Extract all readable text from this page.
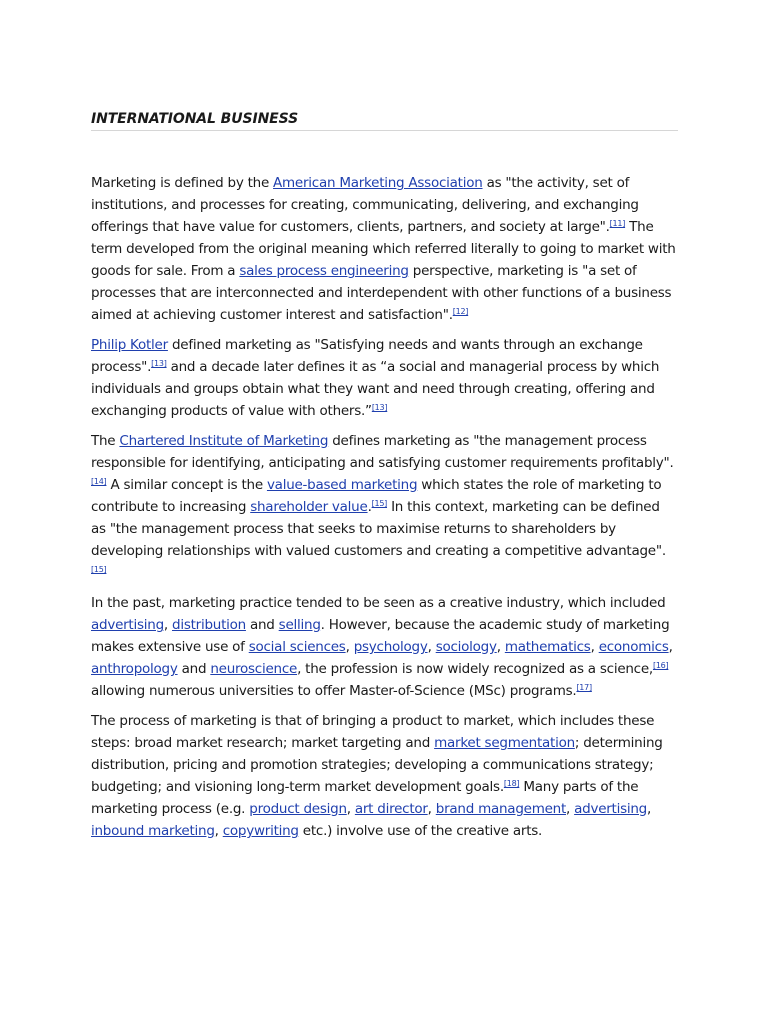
INTERNATIONAL BUSINESS

Marketing is defined by the American Marketing Association as "the activity, set of institutions, and processes for creating, communicating, delivering, and exchanging offerings that have value for customers, clients, partners, and society at large".[11] The term developed from the original meaning which referred literally to going to market with goods for sale. From a sales process engineering perspective, marketing is "a set of processes that are interconnected and interdependent with other functions of a business aimed at achieving customer interest and satisfaction".[12]

Philip Kotler defined marketing as "Satisfying needs and wants through an exchange process".[13] and a decade later defines it as “a social and managerial process by which individuals and groups obtain what they want and need through creating, offering and exchanging products of value with others.”[13]

The Chartered Institute of Marketing defines marketing as "the management process responsible for identifying, anticipating and satisfying customer requirements profitably".[14] A similar concept is the value-based marketing which states the role of marketing to contribute to increasing shareholder value.[15] In this context, marketing can be defined as "the management process that seeks to maximise returns to shareholders by developing relationships with valued customers and creating a competitive advantage".[15]

In the past, marketing practice tended to be seen as a creative industry, which included advertising, distribution and selling. However, because the academic study of marketing makes extensive use of social sciences, psychology, sociology, mathematics, economics, anthropology and neuroscience, the profession is now widely recognized as a science,[16] allowing numerous universities to offer Master-of-Science (MSc) programs.[17]

The process of marketing is that of bringing a product to market, which includes these steps: broad market research; market targeting and market segmentation; determining distribution, pricing and promotion strategies; developing a communications strategy; budgeting; and visioning long-term market development goals.[18] Many parts of the marketing process (e.g. product design, art director, brand management, advertising, inbound marketing, copywriting etc.) involve use of the creative arts.
